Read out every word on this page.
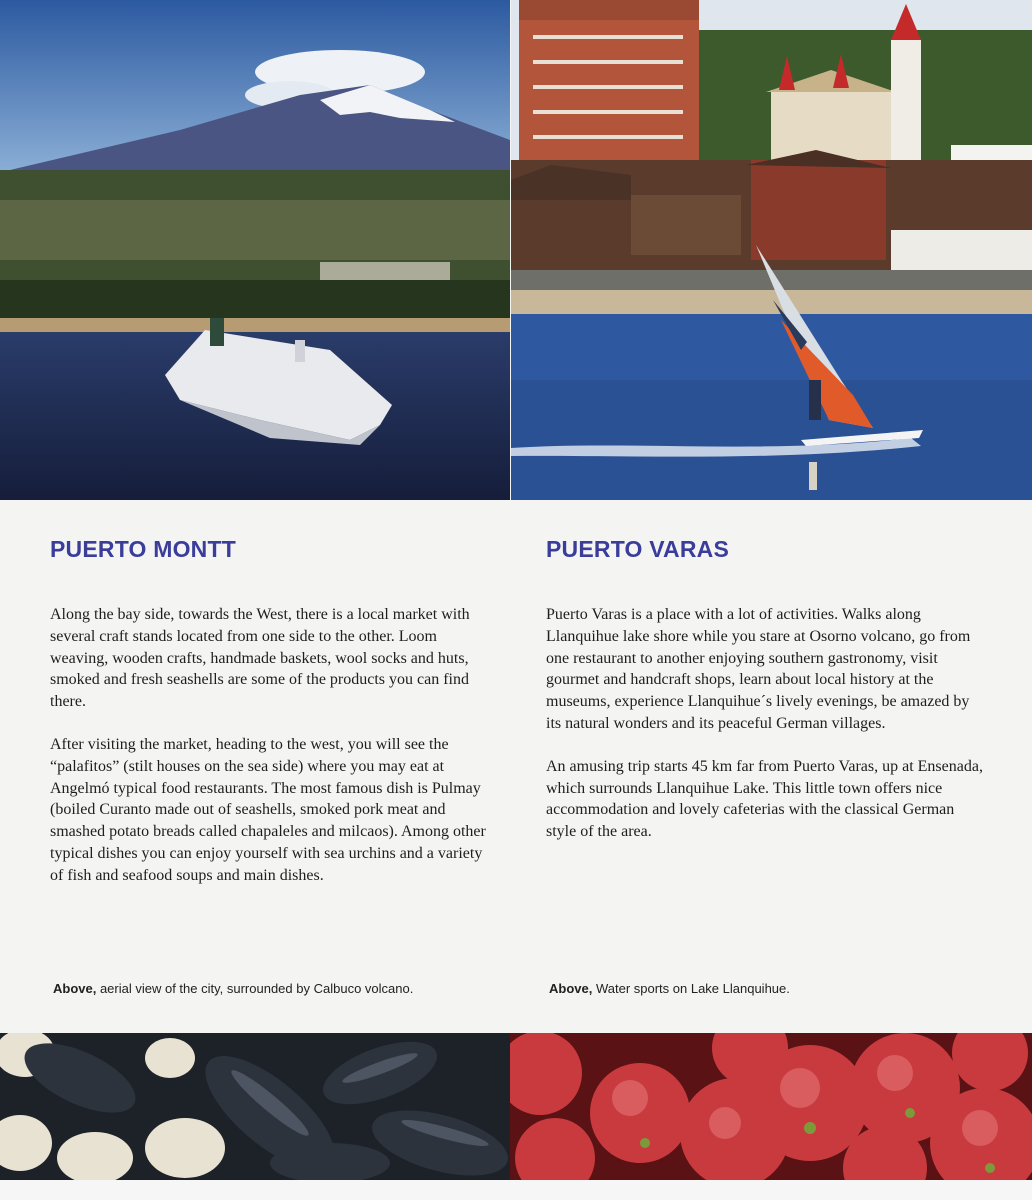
PUERTO MONTT

Along the bay side, towards the West, there is a local market with several craft stands located from one side to the other. Loom weaving, wooden crafts, handmade baskets, wool socks and huts, smoked and fresh seashells are some of the products you can find there.

After visiting the market, heading to the west, you will see the “palafitos” (stilt houses on the sea side) where you may eat at Angelmó typical food restaurants. The most famous dish is Pulmay (boiled Curanto made out of seashells, smoked pork meat and smashed potato breads called chapaleles and milcaos). Among other typical dishes you can enjoy yourself with sea urchins and a variety of fish and seafood soups and main dishes.

Above, aerial view of the city, surrounded by Calbuco volcano.
PUERTO VARAS

Puerto Varas is a place with a lot of activities. Walks along Llanquihue lake shore while you stare at Osorno volcano, go from one restaurant to another enjoying southern gastronomy, visit gourmet and handcraft shops, learn about local history at the museums, experience Llanquihue´s lively evenings, be amazed by its natural wonders and its peaceful German villages.

An amusing trip starts 45 km far from Puerto Varas, up at Ensenada, which surrounds Llanquihue Lake. This little town offers nice accommodation and lovely cafeterias with the classical German style of the area.

Above, Water sports on Lake Llanquihue.
